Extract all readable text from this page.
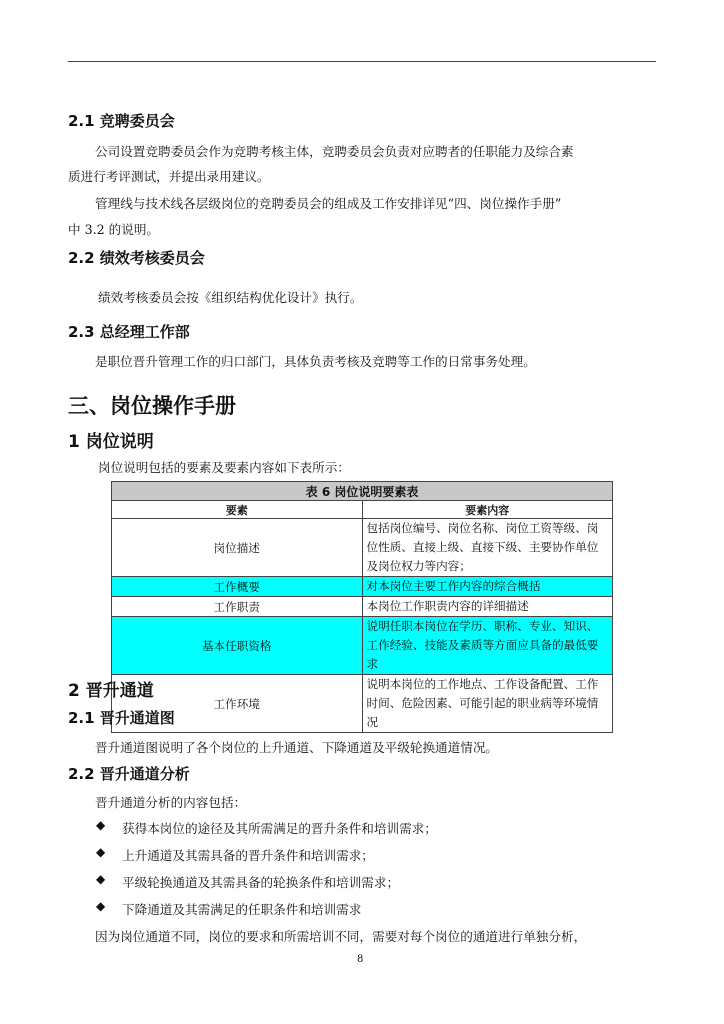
2.1 竞聘委员会
公司设置竞聘委员会作为竞聘考核主体，竞聘委员会负责对应聘者的任职能力及综合素
质进行考评测试，并提出录用建议。
管理线与技术线各层级岗位的竞聘委员会的组成及工作安排详见“四、岗位操作手册”
中 3.2 的说明。
2.2 绩效考核委员会
绩效考核委员会按《组织结构优化设计》执行。
2.3 总经理工作部
是职位晋升管理工作的归口部门，具体负责考核及竞聘等工作的日常事务处理。
三、岗位操作手册
1 岗位说明
岗位说明包括的要素及要素内容如下表所示：
表 6 岗位说明要素表	
要素	要素内容
岗位描述	包括岗位编号、岗位名称、岗位工资等级、岗位性质、直接上级、直接下级、主要协作单位及岗位权力等内容；
工作概要	对本岗位主要工作内容的综合概括
工作职责	本岗位工作职责内容的详细描述
基本任职资格	说明任职本岗位在学历、职称、专业、知识、工作经验、技能及素质等方面应具备的最低要求
工作环境	说明本岗位的工作地点、工作设备配置、工作时间、危险因素、可能引起的职业病等环境情况
2 晋升通道
2.1 晋升通道图
晋升通道图说明了各个岗位的上升通道、下降通道及平级轮换通道情况。
2.2 晋升通道分析
晋升通道分析的内容包括：
◆ 获得本岗位的途径及其所需满足的晋升条件和培训需求；
◆ 上升通道及其需具备的晋升条件和培训需求；
◆ 平级轮换通道及其需具备的轮换条件和培训需求；
◆ 下降通道及其需满足的任职条件和培训需求
因为岗位通道不同，岗位的要求和所需培训不同，需要对每个岗位的通道进行单独分析，
8
